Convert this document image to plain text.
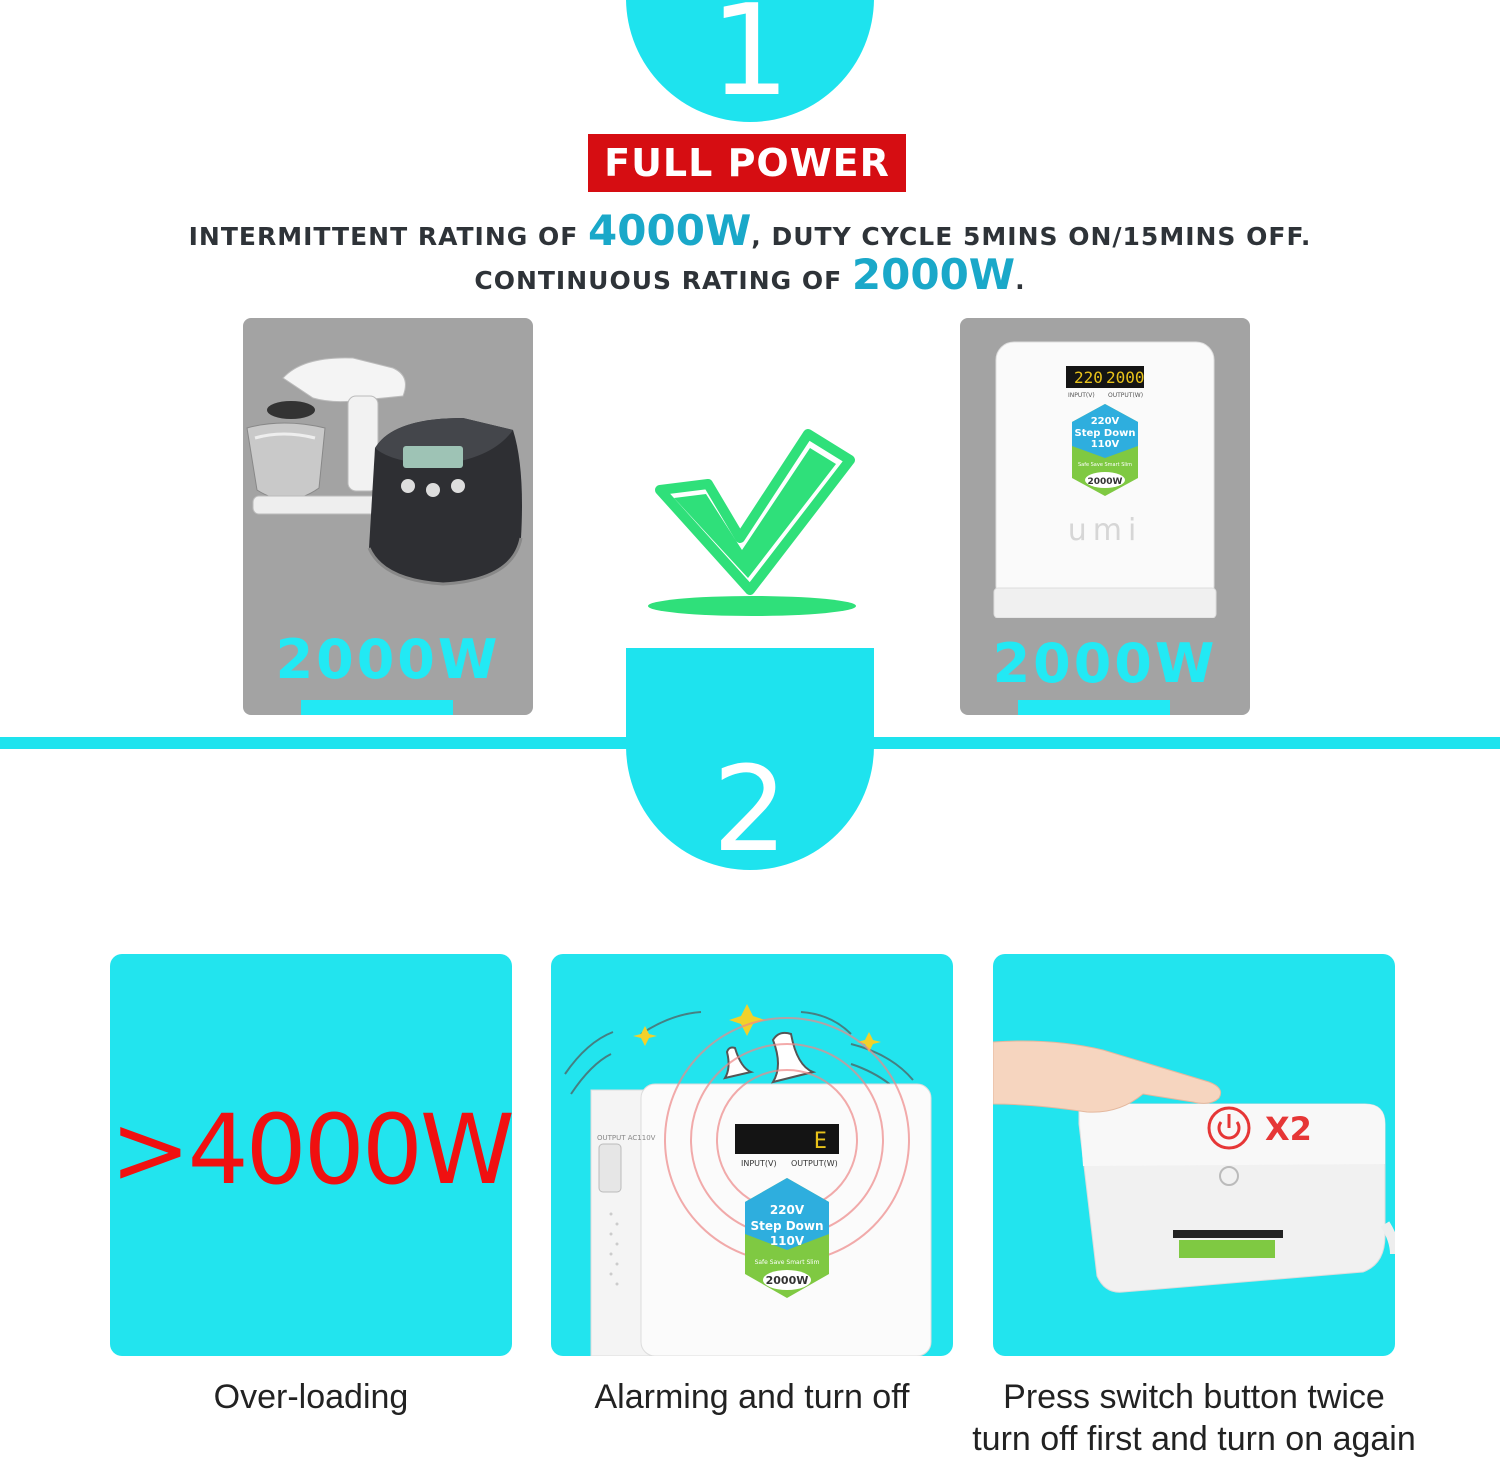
1
FULL POWER
INTERMITTENT RATING OF 4000W, DUTY CYCLE 5MINS ON/15MINS OFF.
CONTINUOUS RATING OF 2000W.
2000W
220 2000
INPUT(V) OUTPUT(W)
220V
Step Down
110V
Safe Save Smart Slim
2000W
umi
2000W
2
>4000W	OUTPUT AC110V	E
INPUT(V) OUTPUT(W)
220V
Step Down
110V
Safe Save Smart Slim
2000W
X2
Over-loading	Alarming and turn off	Press switch button twice
turn off first and turn on again
